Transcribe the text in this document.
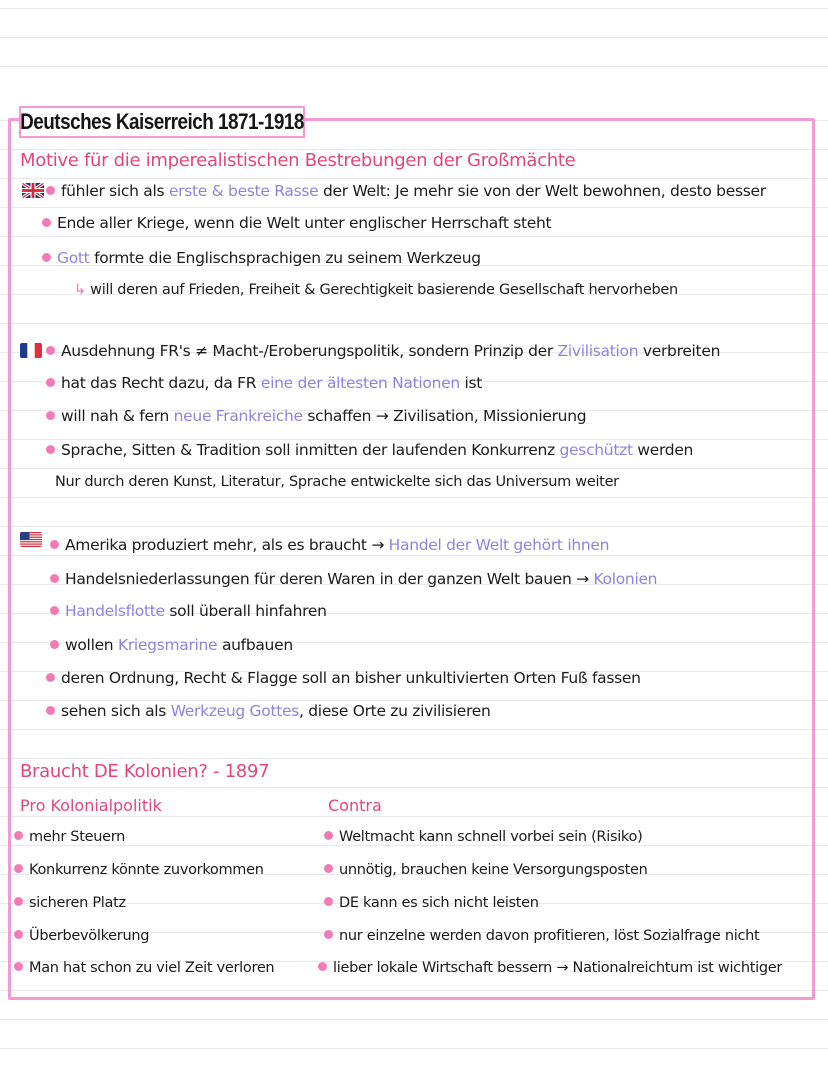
Deutsches Kaiserreich 1871-1918
Motive für die imperealistischen Bestrebungen der Großmächte
fühler sich als erste & beste Rasse der Welt: Je mehr sie von der Welt bewohnen, desto besser
Ende aller Kriege, wenn die Welt unter englischer Herrschaft steht
Gott formte die Englischsprachigen zu seinem Werkzeug
↳ will deren auf Frieden, Freiheit & Gerechtigkeit basierende Gesellschaft hervorheben
Ausdehnung FR's ≠ Macht-/Eroberungspolitik, sondern Prinzip der Zivilisation verbreiten
hat das Recht dazu, da FR eine der ältesten Nationen ist
will nah & fern neue Frankreiche schaffen → Zivilisation, Missionierung
Sprache, Sitten & Tradition soll inmitten der laufenden Konkurrenz geschützt werden
Nur durch deren Kunst, Literatur, Sprache entwickelte sich das Universum weiter
Amerika produziert mehr, als es braucht → Handel der Welt gehört ihnen
Handelsniederlassungen für deren Waren in der ganzen Welt bauen → Kolonien
Handelsflotte soll überall hinfahren
wollen Kriegsmarine aufbauen
deren Ordnung, Recht & Flagge soll an bisher unkultivierten Orten Fuß fassen
sehen sich als Werkzeug Gottes, diese Orte zu zivilisieren
Braucht DE Kolonien? - 1897
Pro Kolonialpolitik	Contra
mehr Steuern
Konkurrenz könnte zuvorkommen
sicheren Platz
Überbevölkerung
Man hat schon zu viel Zeit verloren
Weltmacht kann schnell vorbei sein (Risiko)
unnötig, brauchen keine Versorgungsposten
DE kann es sich nicht leisten
nur einzelne werden davon profitieren, löst Sozialfrage nicht
lieber lokale Wirtschaft bessern → Nationalreichtum ist wichtiger
